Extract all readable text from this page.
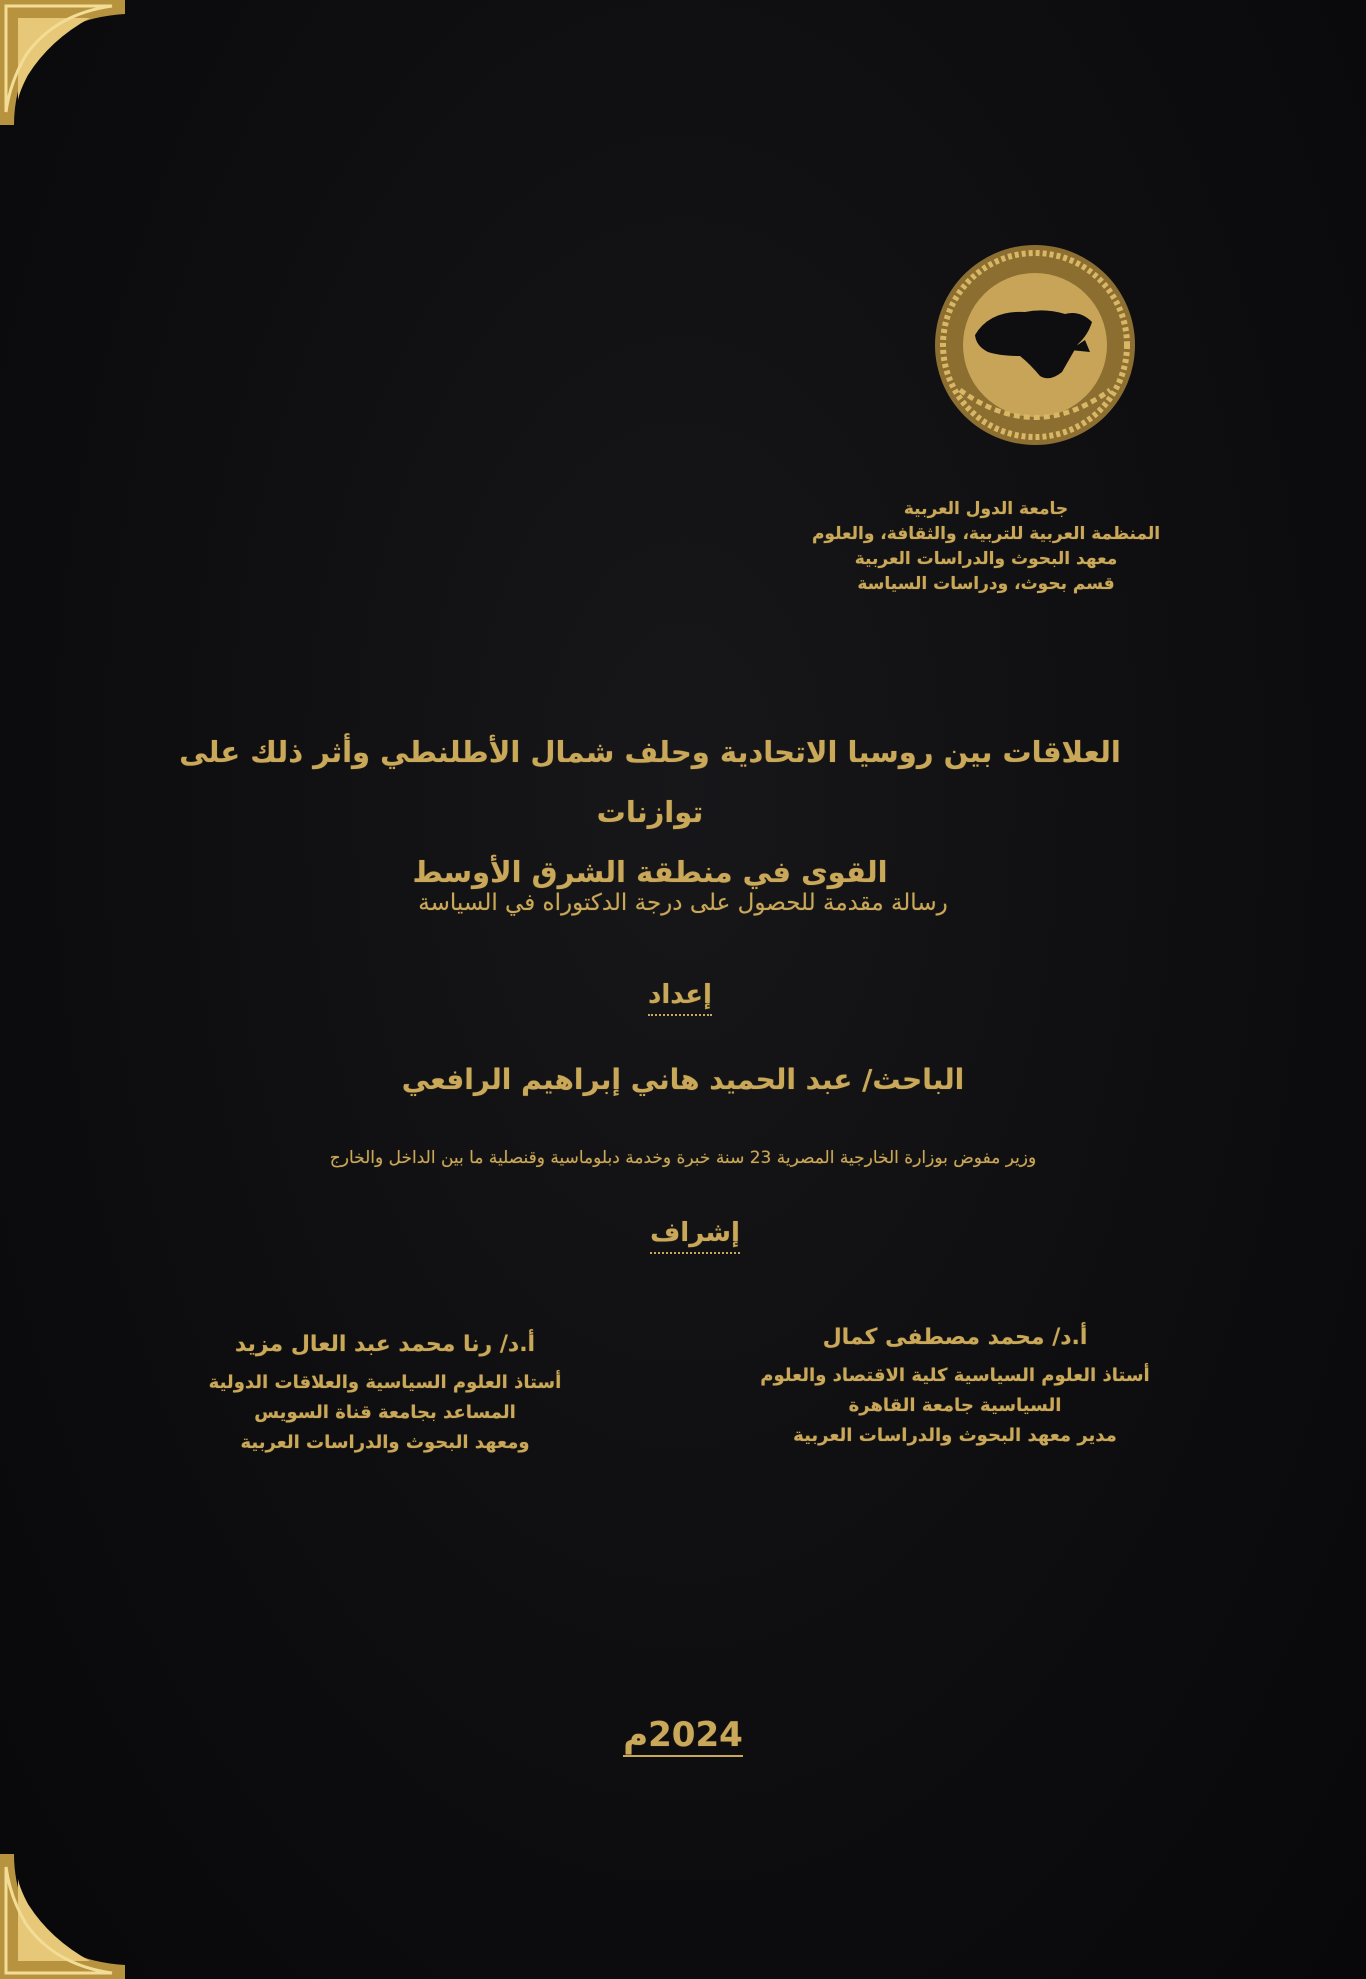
جامعة الدول العربية
المنظمة العربية للتربية، والثقافة، والعلوم
معهد البحوث والدراسات العربية
قسم بحوث، ودراسات السياسة
العلاقات بين روسيا الاتحادية وحلف شمال الأطلنطي وأثر ذلك على توازنات
القوى في منطقة الشرق الأوسط
رسالة مقدمة للحصول على درجة الدكتوراه في السياسة
إعداد
الباحث/ عبد الحميد هاني إبراهيم الرافعي
وزير مفوض بوزارة الخارجية المصرية 23 سنة خبرة وخدمة دبلوماسية وقنصلية ما بين الداخل والخارج
إشراف
أ.د/ محمد مصطفى كمال
أستاذ العلوم السياسية كلية الاقتصاد والعلوم
السياسية جامعة القاهرة
مدير معهد البحوث والدراسات العربية
أ.د/ رنا محمد عبد العال مزيد
أستاذ العلوم السياسية والعلاقات الدولية
المساعد بجامعة قناة السويس
ومعهد البحوث والدراسات العربية
2024م
